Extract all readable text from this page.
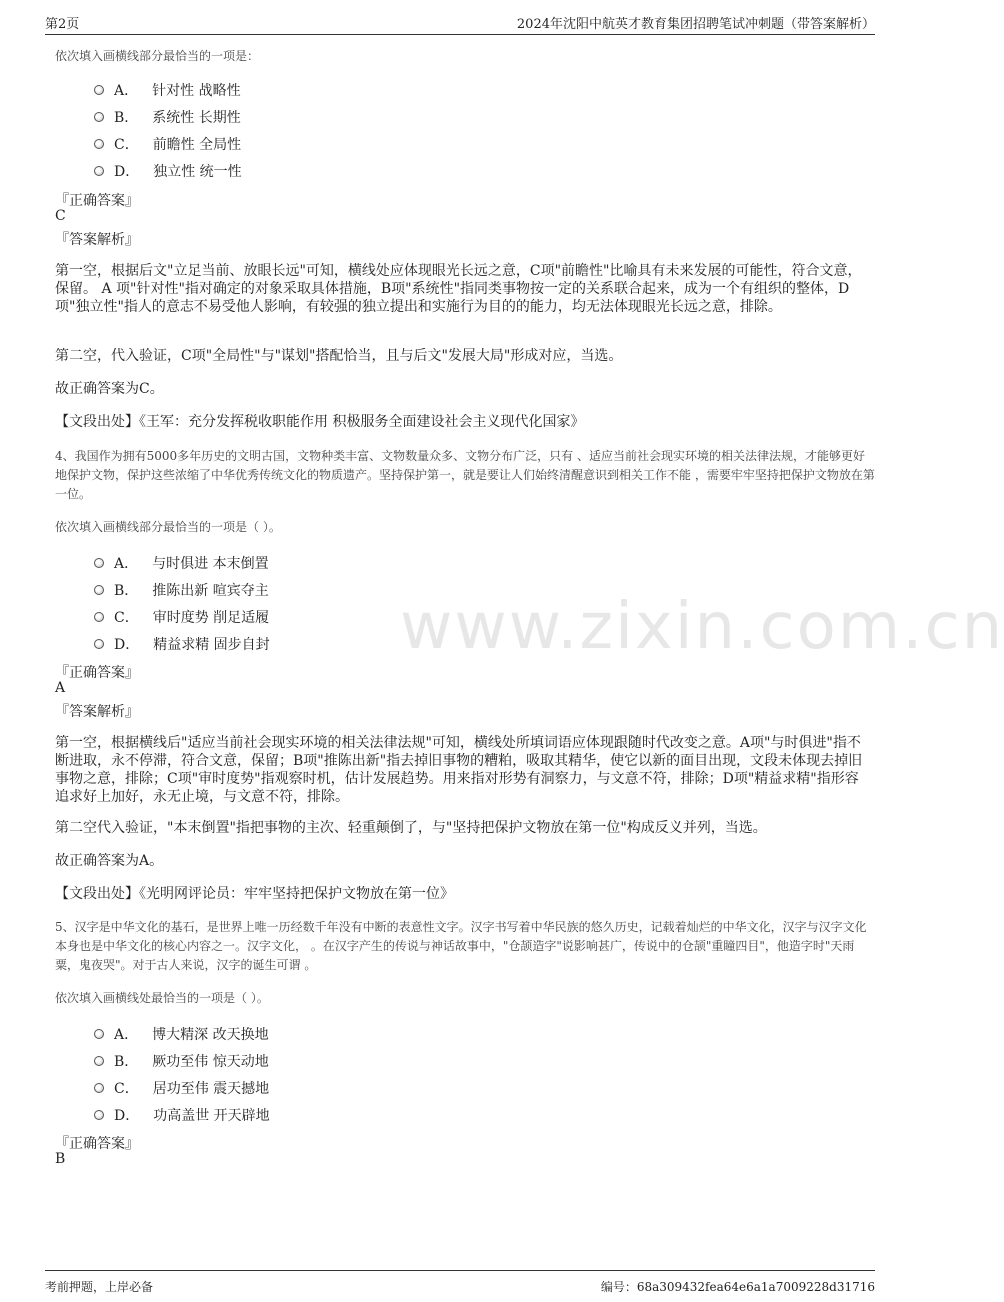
第2页	2024年沈阳中航英才教育集团招聘笔试冲刺题（带答案解析）
www.zixin.com.cn
依次填入画横线部分最恰当的一项是：
A． 针对性 战略性
B． 系统性 长期性
C． 前瞻性 全局性
D． 独立性 统一性
『正确答案』
C
『答案解析』
第一空，根据后文"立足当前、放眼长远"可知，横线处应体现眼光长远之意，C项"前瞻性"比喻具有未来发展的可能性，符合文意，保留。 A 项"针对性"指对确定的对象采取具体措施，B项"系统性"指同类事物按一定的关系联合起来，成为一个有组织的整体，D项"独立性"指人的意志不易受他人影响，有较强的独立提出和实施行为目的的能力，均无法体现眼光长远之意，排除。
第二空，代入验证，C项"全局性"与"谋划"搭配恰当，且与后文"发展大局"形成对应，当选。
故正确答案为C。
【文段出处】《王军：充分发挥税收职能作用 积极服务全面建设社会主义现代化国家》
4、我国作为拥有5000多年历史的文明古国，文物种类丰富、文物数量众多、文物分布广泛，只有 、适应当前社会现实环境的相关法律法规，才能够更好地保护文物，保护这些浓缩了中华优秀传统文化的物质遗产。坚持保护第一，就是要让人们始终清醒意识到相关工作不能 ，需要牢牢坚持把保护文物放在第一位。
依次填入画横线部分最恰当的一项是（ ）。
A． 与时俱进 本末倒置
B． 推陈出新 喧宾夺主
C． 审时度势 削足适履
D． 精益求精 固步自封
『正确答案』
A
『答案解析』
第一空，根据横线后"适应当前社会现实环境的相关法律法规"可知，横线处所填词语应体现跟随时代改变之意。A项"与时俱进"指不断进取，永不停滞，符合文意，保留；B项"推陈出新"指去掉旧事物的糟粕，吸取其精华，使它以新的面目出现，文段未体现去掉旧事物之意，排除；C项"审时度势"指观察时机，估计发展趋势。用来指对形势有洞察力，与文意不符，排除；D项"精益求精"指形容追求好上加好，永无止境，与文意不符，排除。
第二空代入验证，"本末倒置"指把事物的主次、轻重颠倒了，与"坚持把保护文物放在第一位"构成反义并列，当选。
故正确答案为A。
【文段出处】《光明网评论员：牢牢坚持把保护文物放在第一位》
5、汉字是中华文化的基石，是世界上唯一历经数千年没有中断的表意性文字。汉字书写着中华民族的悠久历史，记载着灿烂的中华文化，汉字与汉字文化本身也是中华文化的核心内容之一。汉字文化， 。在汉字产生的传说与神话故事中，"仓颉造字"说影响甚广，传说中的仓颉"重瞳四目"，他造字时"天雨粟，鬼夜哭"。对于古人来说，汉字的诞生可谓 。
依次填入画横线处最恰当的一项是（ ）。
A． 博大精深 改天换地
B． 厥功至伟 惊天动地
C． 居功至伟 震天撼地
D． 功高盖世 开天辟地
『正确答案』
B
考前押题，上岸必备	编号：68a309432fea64e6a1a7009228d31716
